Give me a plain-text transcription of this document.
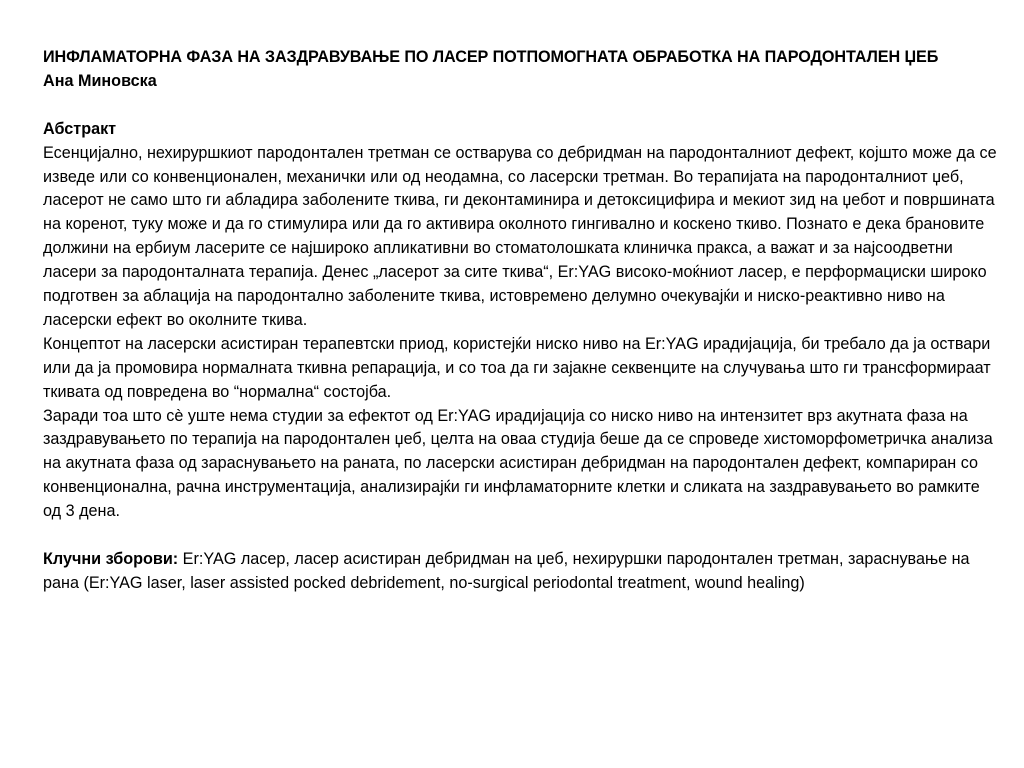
ИНФЛАМАТОРНА ФАЗА НА ЗАЗДРАВУВАЊЕ ПО ЛАСЕР ПОТПОМОГНАТА ОБРАБОТКА НА ПАРОДОНТАЛЕН ЏЕБ
Ана Миновска
Абстракт

Есенцијално, нехируршкиот пародонтален третман се остварува со дебридман на пародонталниот дефект, којшто може да се изведе или со конвенционален, механички или од неодамна, со ласерски третман. Во терапијата на пародонталниот џеб, ласерот не само што ги абладира заболените ткива, ги деконтаминира и детоксицифира и мекиот зид на џебот и површината на коренот, туку може и да го стимулира или да го активира околното гингивално и коскено ткиво. Познато е дека брановите должини на ербиум ласерите се најшироко апликативни во стоматолошката клиничка пракса, а важат и за најсоодветни ласери за пародонталната терапија. Денес „ласерот за сите ткива“, Er:YAG високо-моќниот ласер, е перформациски широко подготвен за аблација на пародонтално заболените ткива, истовремено делумно очекувајќи и ниско-реактивно ниво на ласерски ефект во околните ткива.

Концептот на ласерски асистиран терапевтски приод, користејќи ниско ниво на Er:YAG ирадијација, би требало да ја оствари или да ја промовира нормалната ткивна репарација, и со тоа да ги зајакне секвенците на случувања што ги трансформираат ткивата од повредена во “нормална“ состојба.

Заради тоа што сè уште нема студии за ефектот од Er:YAG ирадијација со ниско ниво на интензитет врз акутната фаза на заздравувањето по терапија на пародонтален џеб, целта на оваа студија беше да се спроведе хистоморфометричка анализа на акутната фаза од зараснувањето на раната, по ласерски асистиран дебридман на пародонтален дефект, компариран со конвенционална, рачна инструментација, анализирајќи ги инфламаторните клетки и сликата на заздравувањето во рамките од 3 дена.

Клучни зборови: Er:YAG ласер, ласер асистиран дебридман на џеб, нехируршки пародонтален третман, зараснување на рана (Er:YAG laser, laser assisted pocked debridement, no-surgical periodontal treatment, wound healing)
